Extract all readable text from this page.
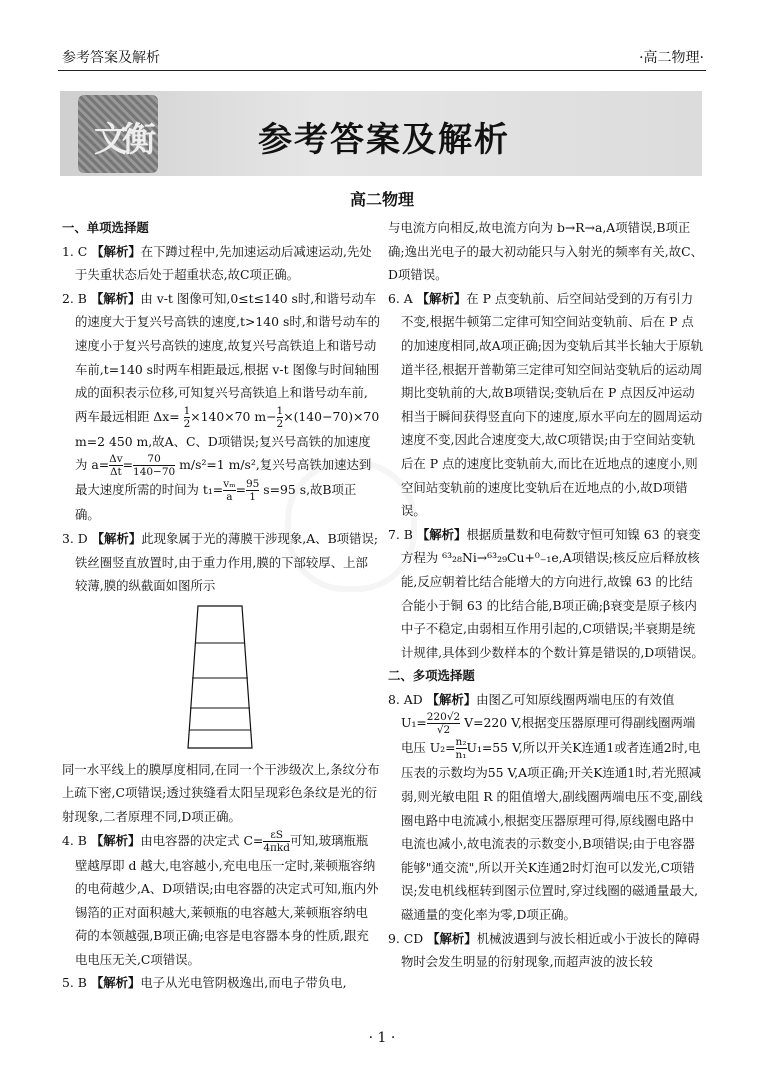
参考答案及解析	·高二物理·
文衡	参考答案及解析
高二物理
一、单项选择题
1. C 【解析】在下蹲过程中,先加速运动后减速运动,先处于失重状态后处于超重状态,故C项正确。
2. B 【解析】由 v-t 图像可知,0≤t≤140 s时,和谐号动车的速度大于复兴号高铁的速度,t>140 s时,和谐号动车的速度小于复兴号高铁的速度,故复兴号高铁追上和谐号动车前,t=140 s时两车相距最远,根据 v-t 图像与时间轴围成的面积表示位移,可知复兴号高铁追上和谐号动车前,两车最远相距 $\Delta x= \frac{1}{2} \times 140\times 70$ $m- \frac{1}{2} \times(140-70)\times 70$ m=2 450 m,故A、C、D项错误;复兴号高铁的加速度为 $a= \frac{\Delta v}{\Delta t} = \frac{70}{140-70} m/s^2=1$ m/s²,复兴号高铁加速达到最大速度所需的时间为 $t_1= \frac{\text{vₘ}}{a} = \frac{95}{1} s=95$ s,故B项正确。
3. D 【解析】此现象属于光的薄膜干涉现象,A、B项错误;铁丝圈竖直放置时,由于重力作用,膜的下部较厚、上部较薄,膜的纵截面如图所示
同一水平线上的膜厚度相同,在同一个干涉级次上,条纹分布上疏下密,C项错误;透过狭缝看太阳呈现彩色条纹是光的衍射现象,二者原理不同,D项正确。
4. B 【解析】由电容器的决定式 $C= \frac{\varepsilon S}{\text{4πkd}}$ 可知,玻璃瓶瓶壁越厚即 d 越大,电容越小,充电电压一定时,莱顿瓶容纳的电荷越少,A、D项错误;由电容器的决定式可知,瓶内外锡箔的正对面积越大,莱顿瓶的电容越大,莱顿瓶容纳电荷的本领越强,B项正确;电容是电容器本身的性质,跟充电电压无关,C项错误。
5. B 【解析】电子从光电管阴极逸出,而电子带负电,
与电流方向相反,故电流方向为 b→R→a,A项错误,B项正确;逸出光电子的最大初动能只与入射光的频率有关,故C、D项错误。
6. A 【解析】在 P 点变轨前、后空间站受到的万有引力不变,根据牛顿第二定律可知空间站变轨前、后在 P 点的加速度相同,故A项正确;因为变轨后其半长轴大于原轨道半径,根据开普勒第三定律可知空间站变轨后的运动周期比变轨前的大,故B项错误;变轨后在 P 点因反冲运动相当于瞬间获得竖直向下的速度,原水平向左的圆周运动速度不变,因此合速度变大,故C项错误;由于空间站变轨后在 P 点的速度比变轨前大,而比在近地点的速度小,则空间站变轨前的速度比变轨后在近地点的小,故D项错误。
7. B 【解析】根据质量数和电荷数守恒可知镍 63 的衰变方程为 ⁶³₂₈Ni→⁶³₂₉Cu+⁰₋₁e,A项错误;核反应后释放核能,反应朝着比结合能增大的方向进行,故镍 63 的比结合能小于铜 63 的比结合能,B项正确;β衰变是原子核内中子不稳定,由弱相互作用引起的,C项错误;半衰期是统计规律,具体到少数样本的个数计算是错误的,D项错误。
二、多项选择题
8. AD 【解析】由图乙可知原线圈两端电压的有效值 $U_1= \frac{220√2}{√2} V=220$ V,根据变压器原理可得副线圈两端电压 $U_2= \frac{\text{n₂}}{\text{n₁}} U_1=55$ V,所以开关K连通1或者连通2时,电压表的示数均为55 V,A项正确;开关K连通1时,若光照减弱,则光敏电阻 R 的阻值增大,副线圈两端电压不变,副线圈电路中电流减小,根据变压器原理可得,原线圈电路中电流也减小,故电流表的示数变小,B项错误;由于电容器能够"通交流",所以开关K连通2时灯泡可以发光,C项错误;发电机线框转到图示位置时,穿过线圈的磁通量最大,磁通量的变化率为零,D项正确。
9. CD 【解析】机械波遇到与波长相近或小于波长的障碍物时会发生明显的衍射现象,而超声波的波长较
· 1 ·
